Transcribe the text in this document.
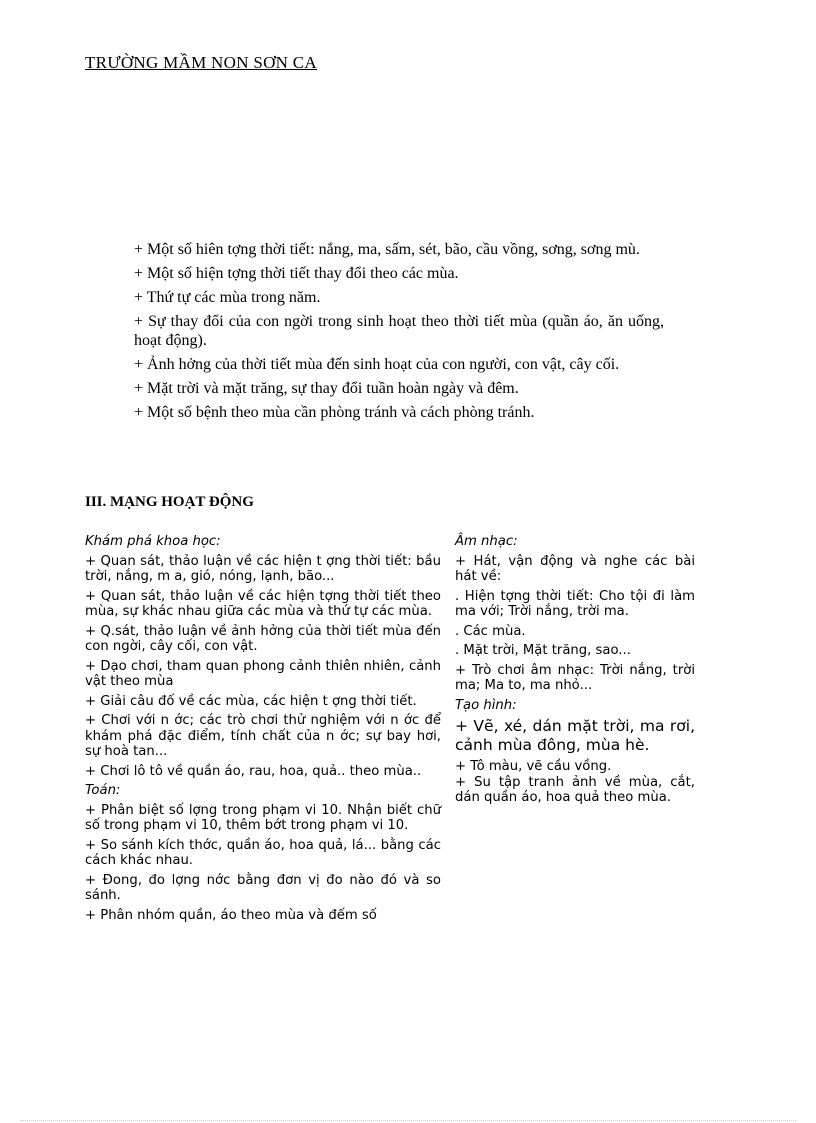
TRƯỜNG MẦM NON SƠN CA

+ Một số hiên tợng thời tiết: nắng, ma, sấm, sét, bão, cầu vồng, sơng, sơng mù.

+ Một số hiện tợng thời tiết thay đổi theo các mùa.

+ Thứ tự các mùa trong năm.

+ Sự thay đổi của con ngời trong sinh hoạt theo thời tiết mùa (quần áo, ăn uống, hoạt động).

+ Ảnh hởng của thời tiết mùa đến sinh hoạt của con người, con vật, cây cối.

+ Mặt trời và mặt trăng, sự thay đổi tuần hoàn ngày và đêm.

+ Một số bệnh theo mùa cần phòng tránh và cách phòng tránh.

III. MẠNG HOẠT ĐỘNG

Khám phá khoa học:

+ Quan sát, thảo luận về các hiện t ợng thời tiết: bầu trời, nắng, m a, gió, nóng, lạnh, bão...

+ Quan sát, thảo luận về các hiện tợng thời tiết theo mùa, sự khác nhau giữa các mùa và thứ tự các mùa.

+ Q.sát, thảo luận về ảnh hởng của thời tiết mùa đến con ngời, cây cối, con vật.

+ Dạo chơi, tham quan phong cảnh thiên nhiên, cảnh vật theo mùa

+ Giải câu đố về các mùa, các hiện t ợng thời tiết.

+ Chơi với n ớc; các trò chơi thử nghiệm với n ớc để khám phá đặc điểm, tính chất của n ớc; sự bay hơi, sự hoà tan...

+ Chơi lô tô về quần áo, rau, hoa, quả.. theo mùa..

Toán:

+ Phân biệt số lợng trong phạm vi 10. Nhận biết chữ số trong phạm vi 10, thêm bớt trong phạm vi 10.

+ So sánh kích thớc, quần áo, hoa quả, lá... bằng các cách khác nhau.

+ Đong, đo lợng nớc bằng đơn vị đo nào đó và so sánh.

+ Phân nhóm quần, áo theo mùa và đếm số

Âm nhạc:

+ Hát, vận động và nghe các bài hát về:

. Hiện tợng thời tiết: Cho tội đi làm ma với; Trời nắng, trời ma.

. Các mùa.

. Mặt trời, Mặt trăng, sao...

+ Trò chơi âm nhạc: Trời nắng, trời ma; Ma to, ma nhỏ...

Tạo hình:

+ Vẽ, xé, dán mặt trời, ma rơi, cảnh mùa đông, mùa hè.

+ Tô màu, vẽ cầu vồng.

+ Su tập tranh ảnh về mùa, cắt, dán quần áo, hoa quả theo mùa.
